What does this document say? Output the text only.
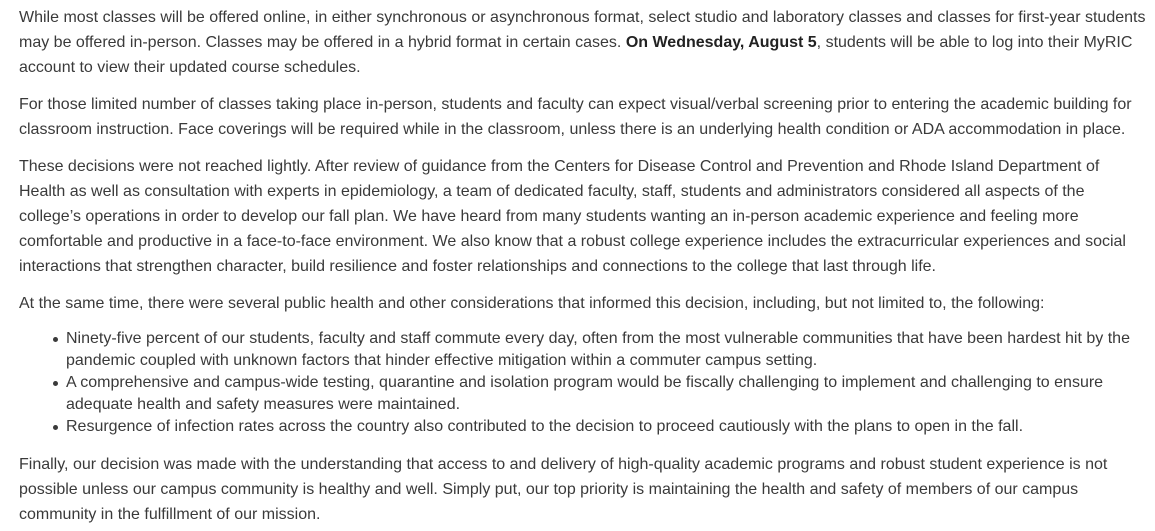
While most classes will be offered online, in either synchronous or asynchronous format, select studio and laboratory classes and classes for first-year students may be offered in-person. Classes may be offered in a hybrid format in certain cases. On Wednesday, August 5, students will be able to log into their MyRIC account to view their updated course schedules.

For those limited number of classes taking place in-person, students and faculty can expect visual/verbal screening prior to entering the academic building for classroom instruction. Face coverings will be required while in the classroom, unless there is an underlying health condition or ADA accommodation in place.

These decisions were not reached lightly. After review of guidance from the Centers for Disease Control and Prevention and Rhode Island Department of Health as well as consultation with experts in epidemiology, a team of dedicated faculty, staff, students and administrators considered all aspects of the college’s operations in order to develop our fall plan. We have heard from many students wanting an in-person academic experience and feeling more comfortable and productive in a face-to-face environment. We also know that a robust college experience includes the extracurricular experiences and social interactions that strengthen character, build resilience and foster relationships and connections to the college that last through life.

At the same time, there were several public health and other considerations that informed this decision, including, but not limited to, the following:

Ninety-five percent of our students, faculty and staff commute every day, often from the most vulnerable communities that have been hardest hit by the pandemic coupled with unknown factors that hinder effective mitigation within a commuter campus setting.
A comprehensive and campus-wide testing, quarantine and isolation program would be fiscally challenging to implement and challenging to ensure adequate health and safety measures were maintained.
Resurgence of infection rates across the country also contributed to the decision to proceed cautiously with the plans to open in the fall.

Finally, our decision was made with the understanding that access to and delivery of high-quality academic programs and robust student experience is not possible unless our campus community is healthy and well. Simply put, our top priority is maintaining the health and safety of members of our campus community in the fulfillment of our mission.
